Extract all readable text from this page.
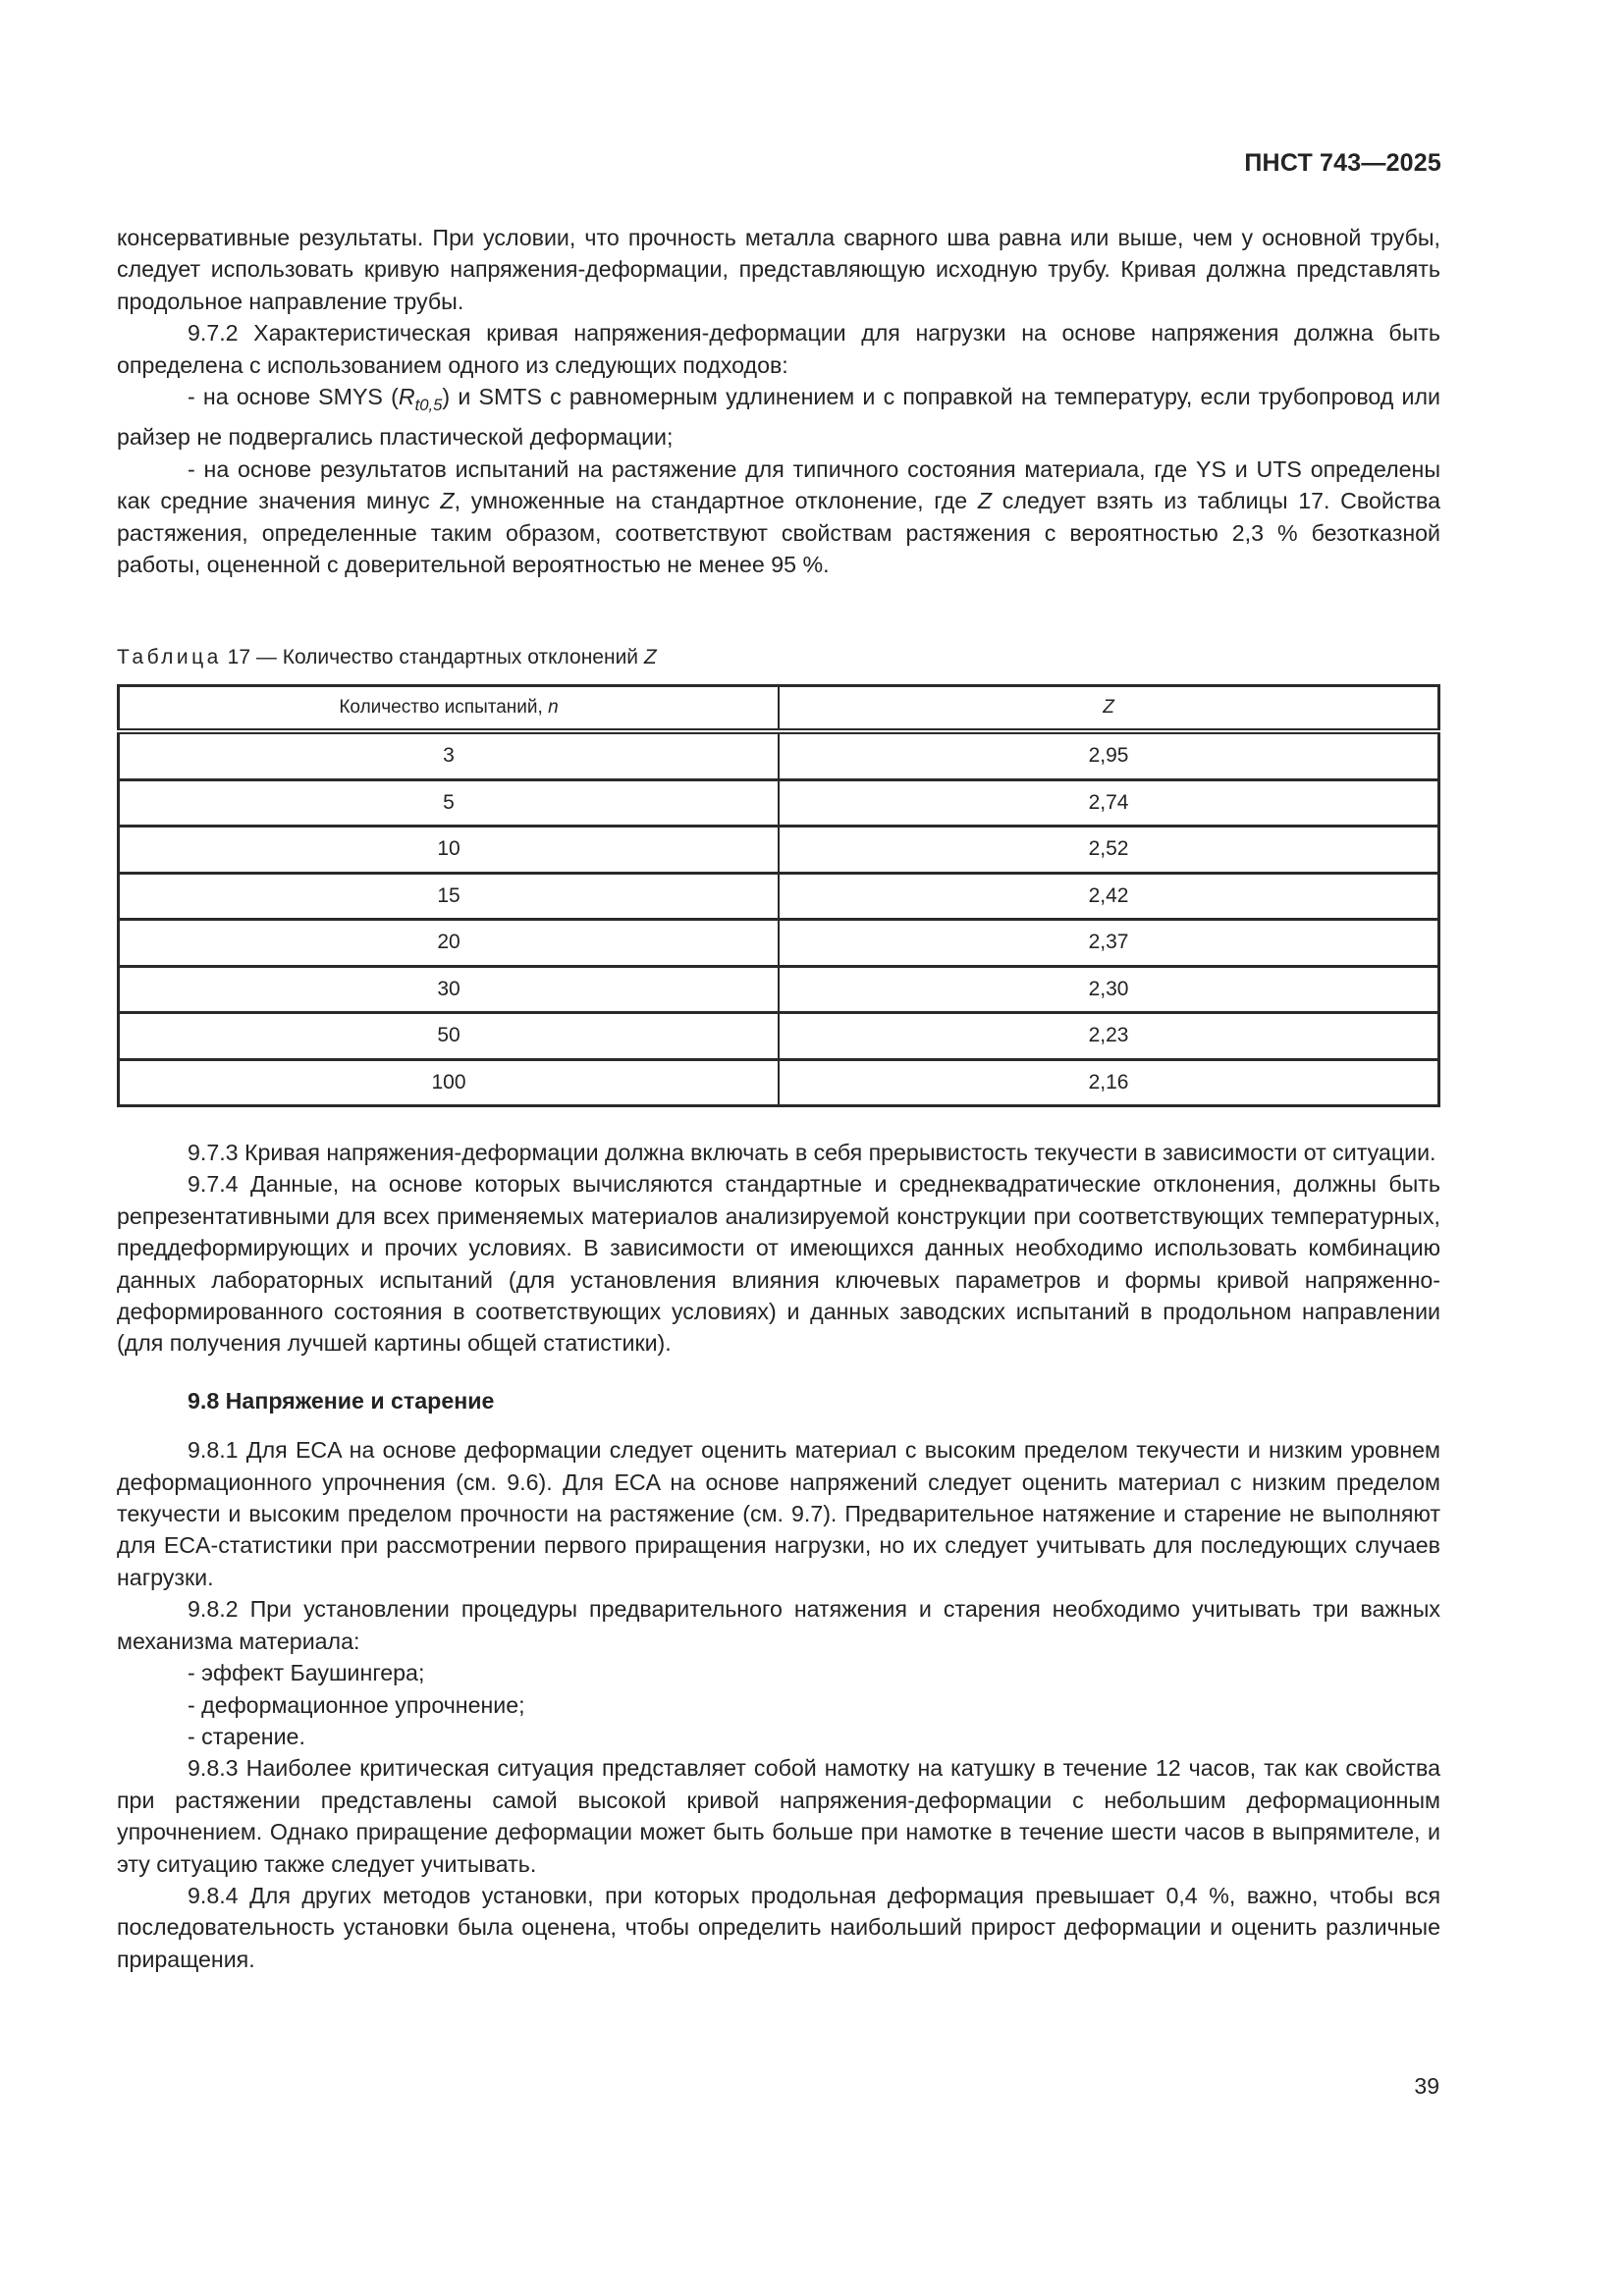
ПНСТ 743—2025

консервативные результаты. При условии, что прочность металла сварного шва равна или выше, чем у основной трубы, следует использовать кривую напряжения-деформации, представляющую исходную трубу. Кривая должна представлять продольное направление трубы.

9.7.2 Характеристическая кривая напряжения-деформации для нагрузки на основе напряжения должна быть определена с использованием одного из следующих подходов:

- на основе SMYS $(R_{t0,5})$ и SMTS с равномерным удлинением и с поправкой на температуру, если трубопровод или райзер не подвергались пластической деформации;

- на основе результатов испытаний на растяжение для типичного состояния материала, где YS и UTS определены как средние значения минус Z, умноженные на стандартное отклонение, где Z следует взять из таблицы 17. Свойства растяжения, определенные таким образом, соответствуют свойствам растяжения с вероятностью 2,3 % безотказной работы, оцененной с доверительной вероятностью не менее 95 %.

Таблица 17 — Количество стандартных отклонений Z
Количество испытаний, n	Z
3	2,95
5	2,74
10	2,52
15	2,42
20	2,37
30	2,30
50	2,23
100	2,16

9.7.3 Кривая напряжения-деформации должна включать в себя прерывистость текучести в зависимости от ситуации.

9.7.4 Данные, на основе которых вычисляются стандартные и среднеквадратические отклонения, должны быть репрезентативными для всех применяемых материалов анализируемой конструкции при соответствующих температурных, преддеформирующих и прочих условиях. В зависимости от имеющихся данных необходимо использовать комбинацию данных лабораторных испытаний (для установления влияния ключевых параметров и формы кривой напряженно-деформированного состояния в соответствующих условиях) и данных заводских испытаний в продольном направлении (для получения лучшей картины общей статистики).

9.8 Напряжение и старение

9.8.1 Для ECA на основе деформации следует оценить материал с высоким пределом текучести и низким уровнем деформационного упрочнения (см. 9.6). Для ECA на основе напряжений следует оценить материал с низким пределом текучести и высоким пределом прочности на растяжение (см. 9.7). Предварительное натяжение и старение не выполняют для ECA-статистики при рассмотрении первого приращения нагрузки, но их следует учитывать для последующих случаев нагрузки.

9.8.2 При установлении процедуры предварительного натяжения и старения необходимо учитывать три важных механизма материала:

- эффект Баушингера;

- деформационное упрочнение;

- старение.

9.8.3 Наиболее критическая ситуация представляет собой намотку на катушку в течение 12 часов, так как свойства при растяжении представлены самой высокой кривой напряжения-деформации с небольшим деформационным упрочнением. Однако приращение деформации может быть больше при намотке в течение шести часов в выпрямителе, и эту ситуацию также следует учитывать.

9.8.4 Для других методов установки, при которых продольная деформация превышает 0,4 %, важно, чтобы вся последовательность установки была оценена, чтобы определить наибольший прирост деформации и оценить различные приращения.

39
